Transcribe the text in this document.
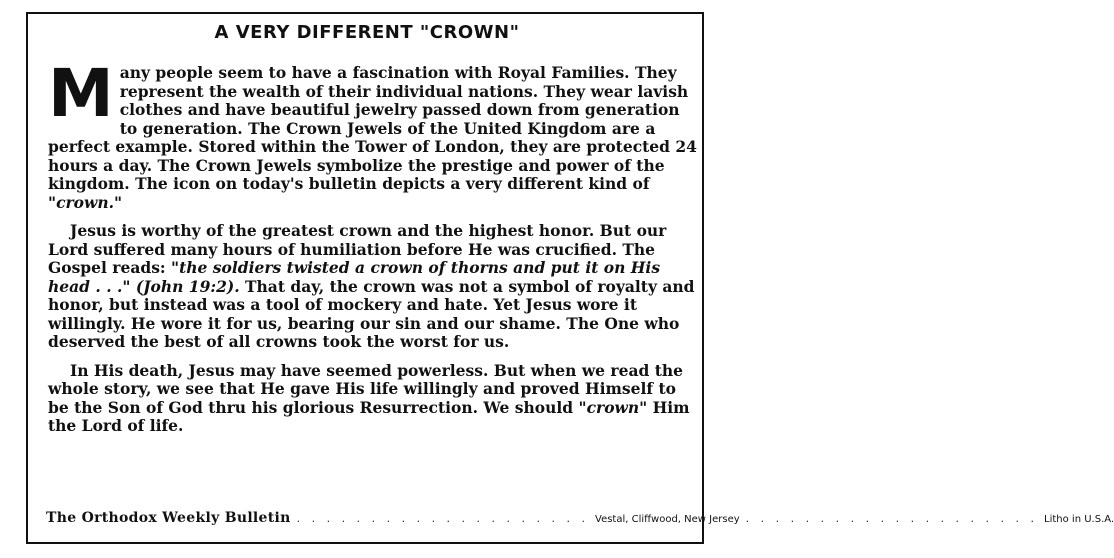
A VERY DIFFERENT "CROWN"

Many people seem to have a fascination with Royal Families. They represent the wealth of their individual nations. They wear lavish clothes and have beautiful jewelry passed down from generation to generation. The Crown Jewels of the United Kingdom are a perfect example. Stored within the Tower of London, they are protected 24 hours a day. The Crown Jewels symbolize the prestige and power of the kingdom. The icon on today's bulletin depicts a very different kind of "crown."

Jesus is worthy of the greatest crown and the highest honor. But our Lord suffered many hours of humiliation before He was crucified. The Gospel reads: "the soldiers twisted a crown of thorns and put it on His head . . ." (John 19:2). That day, the crown was not a symbol of royalty and honor, but instead was a tool of mockery and hate. Yet Jesus wore it willingly. He wore it for us, bearing our sin and our shame. The One who deserved the best of all crowns took the worst for us.

In His death, Jesus may have seemed powerless. But when we read the whole story, we see that He gave His life willingly and proved Himself to be the Son of God thru his glorious Resurrection. We should "crown" Him the Lord of life.

The Orthodox Weekly Bulletin . . . . . . . . . . . . . . . . . . . . Vestal, Cliffwood, New Jersey . . . . . . . . . . . . . . . . . . . . Litho in U.S.A.
